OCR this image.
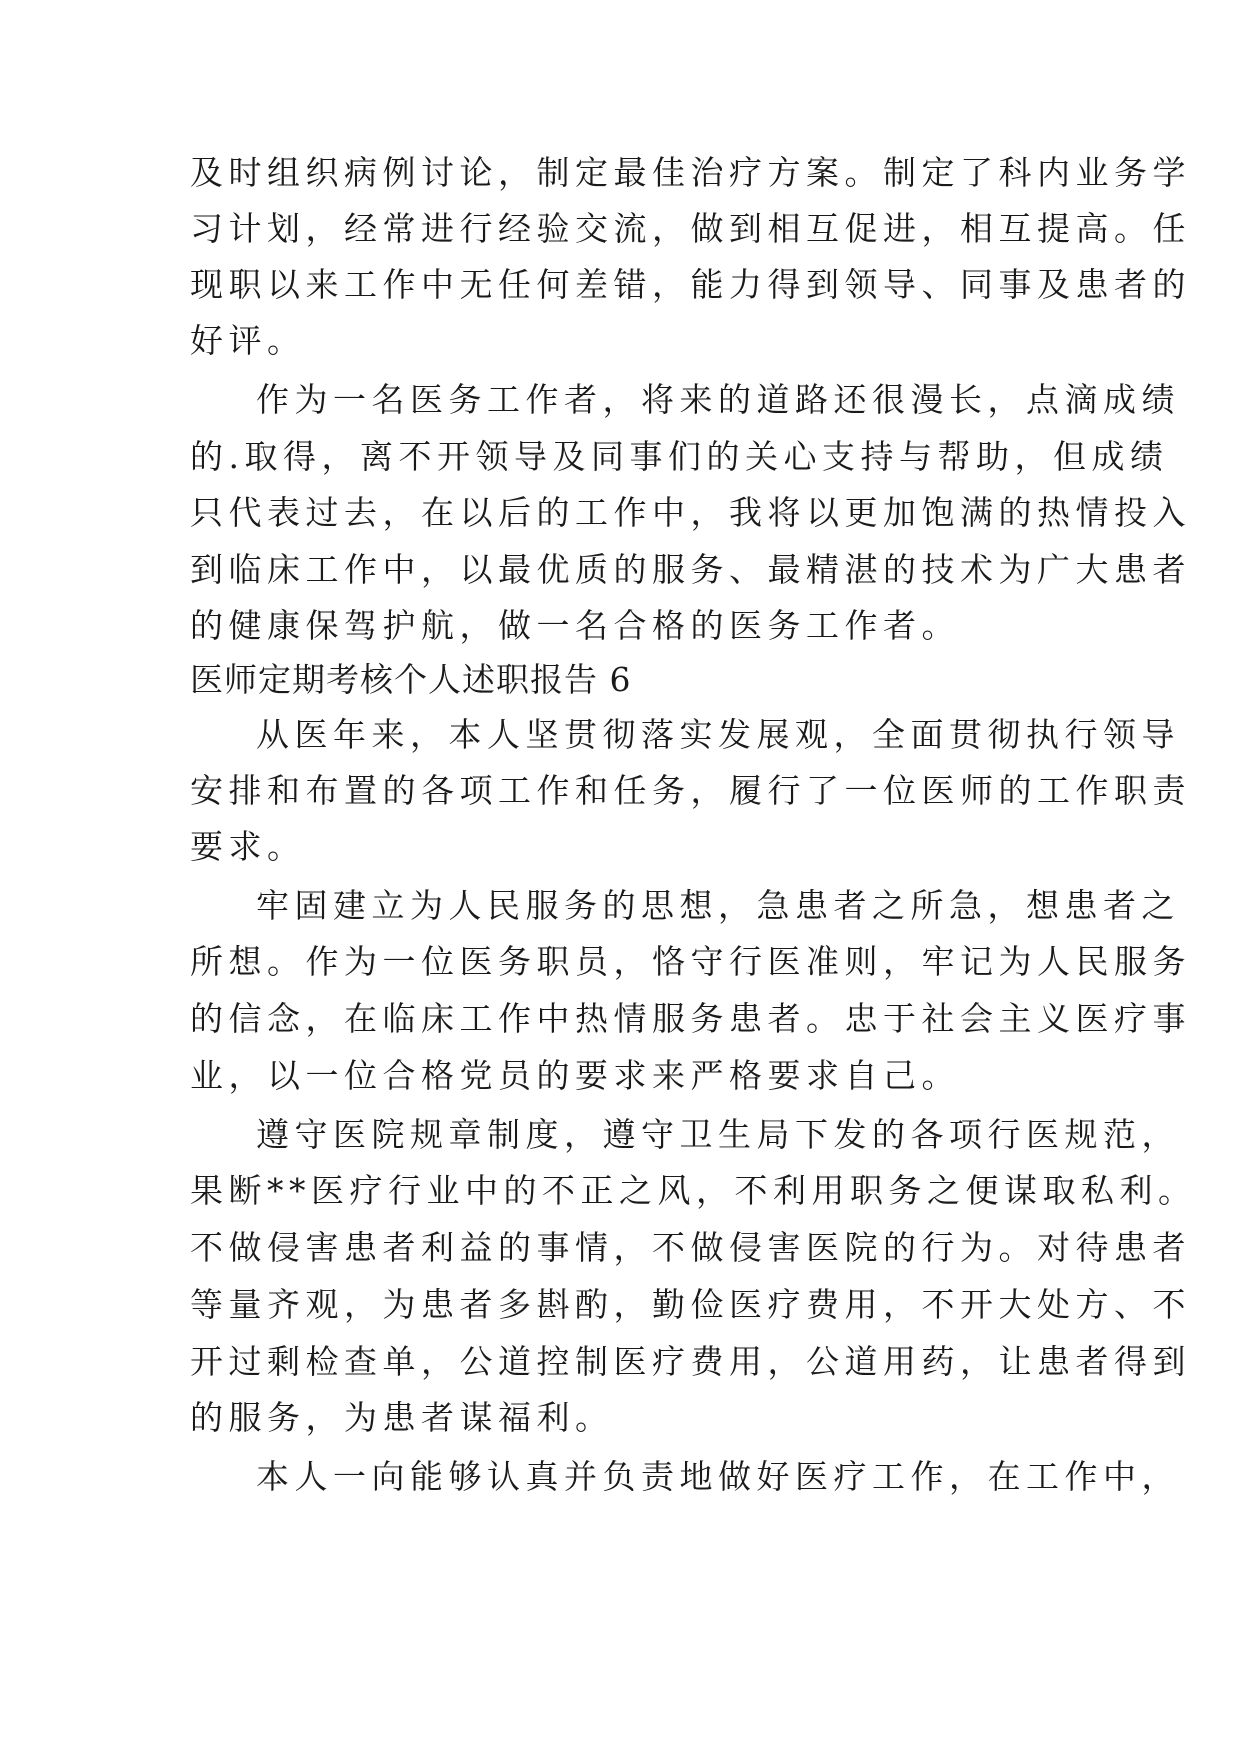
及时组织病例讨论，制定最佳治疗方案。制定了科内业务学
习计划，经常进行经验交流，做到相互促进，相互提高。任
现职以来工作中无任何差错，能力得到领导、同事及患者的
好评。
作为一名医务工作者，将来的道路还很漫长，点滴成绩
的.取得，离不开领导及同事们的关心支持与帮助，但成绩
只代表过去，在以后的工作中，我将以更加饱满的热情投入
到临床工作中，以最优质的服务、最精湛的技术为广大患者
的健康保驾护航，做一名合格的医务工作者。
医师定期考核个人述职报告 6
从医年来，本人坚贯彻落实发展观，全面贯彻执行领导
安排和布置的各项工作和任务，履行了一位医师的工作职责
要求。
牢固建立为人民服务的思想，急患者之所急，想患者之
所想。作为一位医务职员，恪守行医准则，牢记为人民服务
的信念，在临床工作中热情服务患者。忠于社会主义医疗事
业，以一位合格党员的要求来严格要求自己。
遵守医院规章制度，遵守卫生局下发的各项行医规范，
果断**医疗行业中的不正之风，不利用职务之便谋取私利。
不做侵害患者利益的事情，不做侵害医院的行为。对待患者
等量齐观，为患者多斟酌，勤俭医疗费用，不开大处方、不
开过剩检查单，公道控制医疗费用，公道用药，让患者得到
的服务，为患者谋福利。
本人一向能够认真并负责地做好医疗工作，在工作中，
